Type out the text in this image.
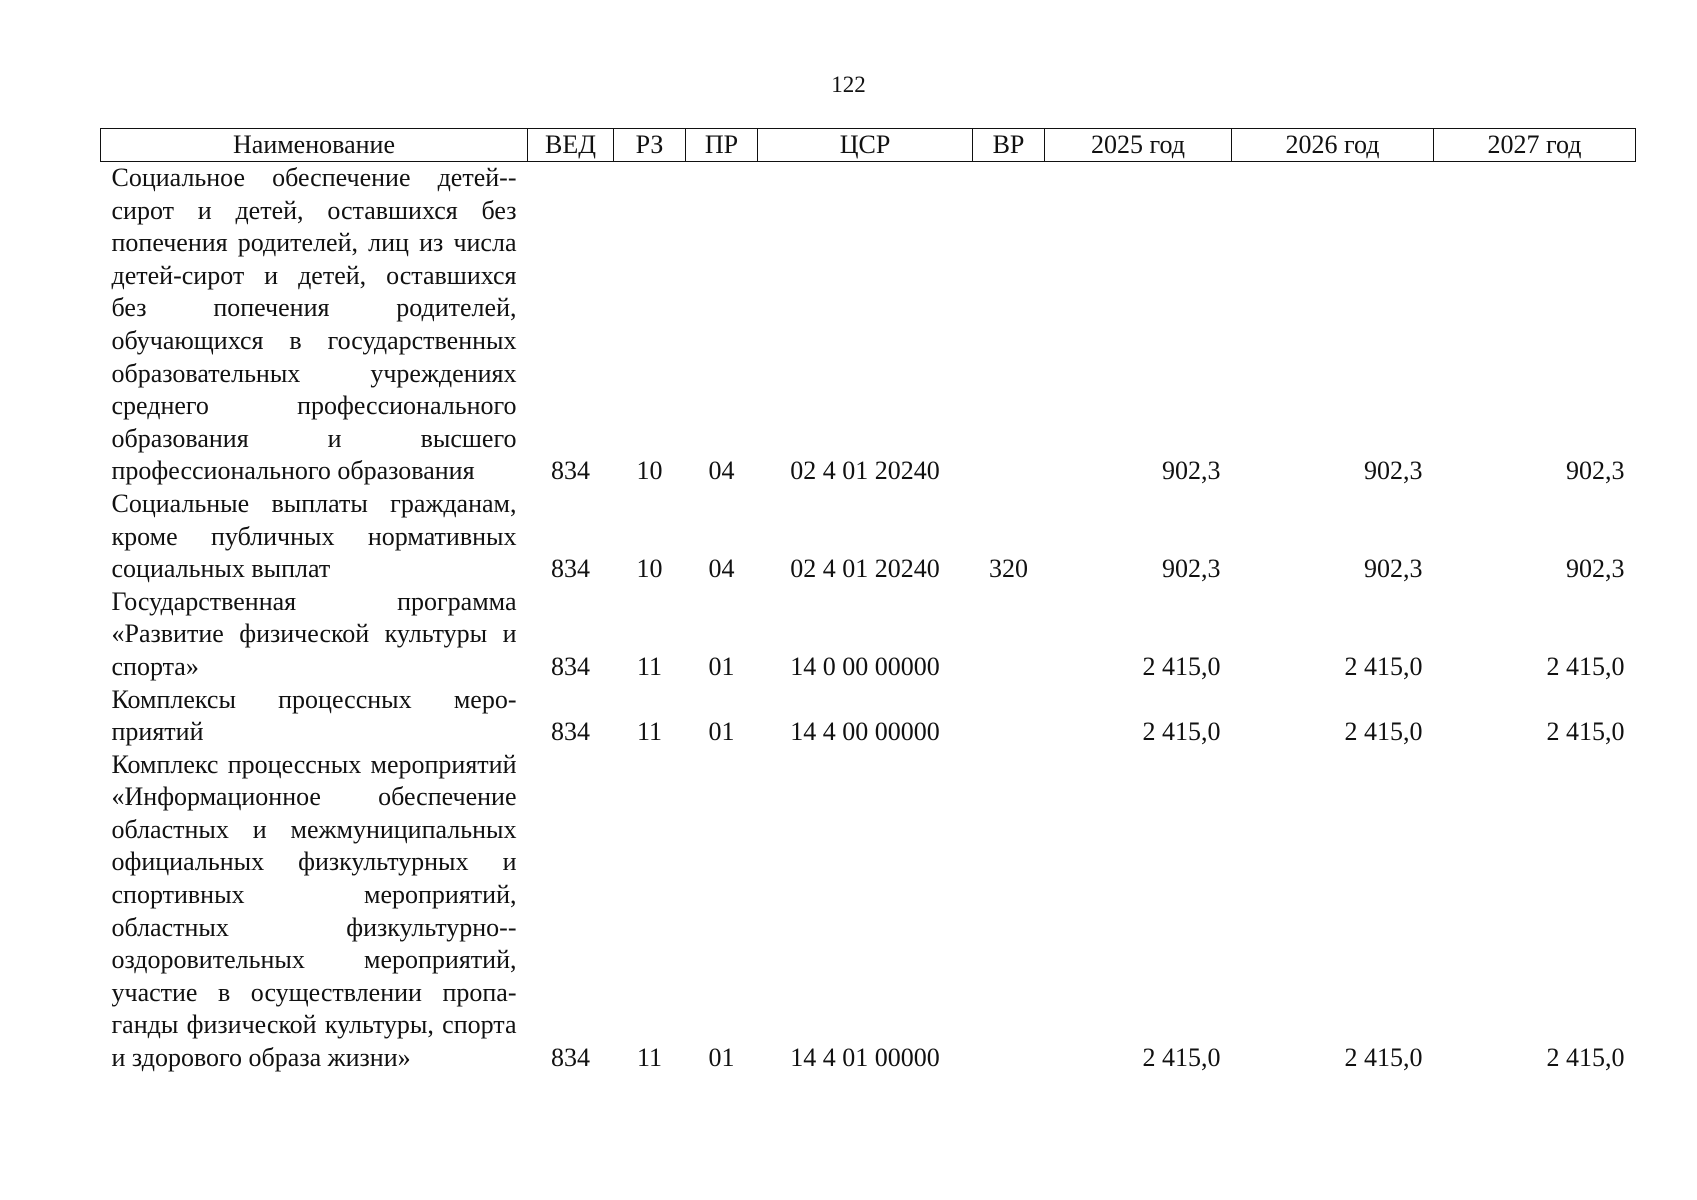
122
Наименование	ВЕД	РЗ	ПР	ЦСР	ВР	2025 год	2026 год	2027 год
Социальное обеспечение детей-сирот и детей, оставшихся без попечения родителей, лиц из числа детей‑сирот и детей, оставшихся без попечения родителей, обучающихся в государственных образовательных учреждениях среднего профессионального образования и высшего профессионального образования	834	10	04	02 4 01 20240		902,3	902,3	902,3
Социальные выплаты гражданам, кроме публичных нормативных социальных выплат	834	10	04	02 4 01 20240	320	902,3	902,3	902,3
Государственная программа «Развитие физической культуры и спорта»	834	11	01	14 0 00 00000		2 415,0	2 415,0	2 415,0
Комплексы процессных мероприятий	834	11	01	14 4 00 00000		2 415,0	2 415,0	2 415,0
Комплекс процессных мероприятий «Информационное обеспечение областных и межмуниципальных официальных физкультурных и спортивных мероприятий, областных физкультурно-оздоровительных мероприятий, участие в осуществлении пропаганды физической культуры, спорта и здорового образа жизни»	834	11	01	14 4 01 00000		2 415,0	2 415,0	2 415,0
